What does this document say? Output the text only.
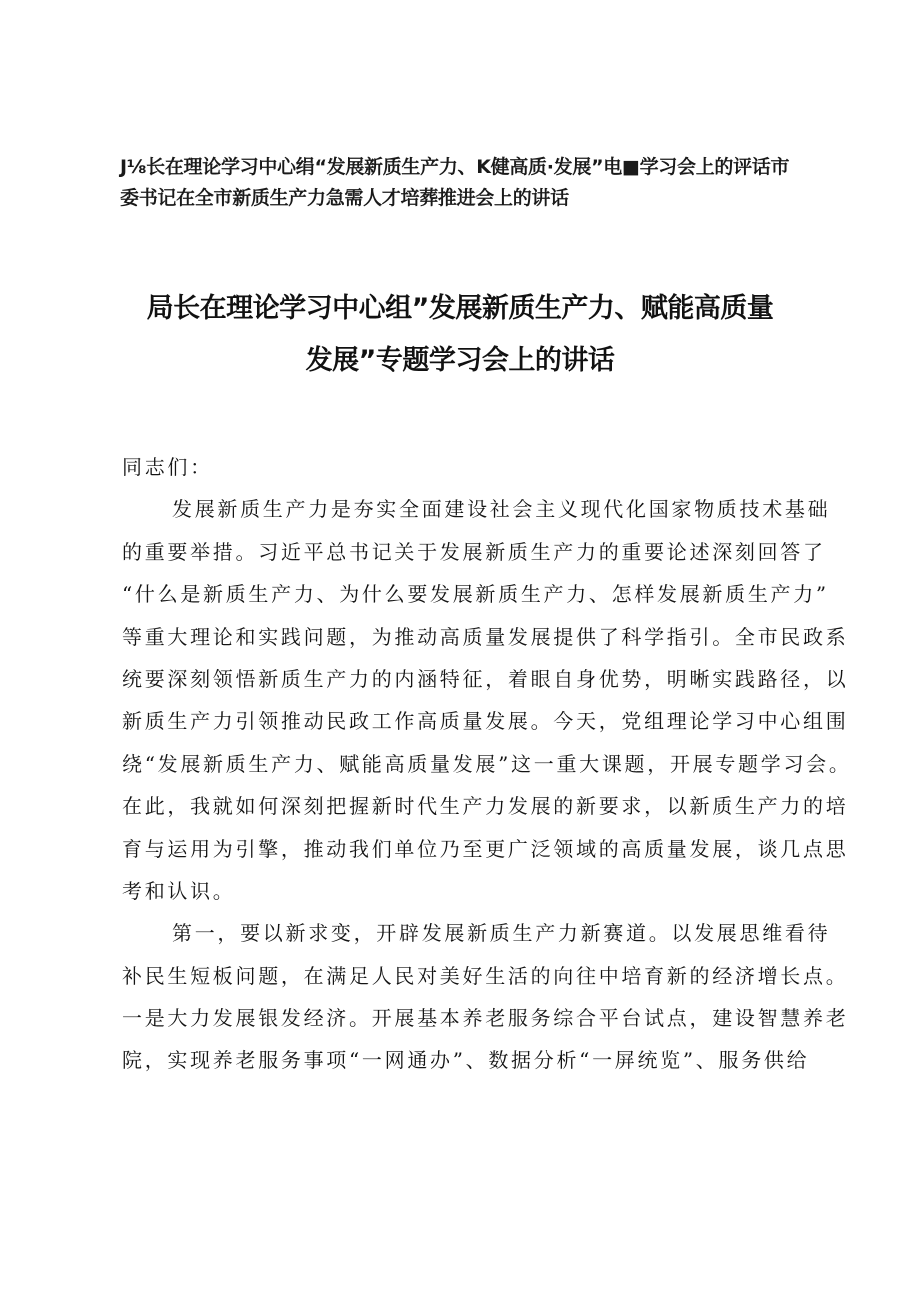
J⅛长在理论学习中心绢“发展新质生产力、K健高质·发展”电■学习会上的评话市
委书记在全市新质生产力急需人才培葬推进会上的讲话
局长在理论学习中心组”发展新质生产力、赋能高质量
发展”专题学习会上的讲话
同志们：
发展新质生产力是夯实全面建设社会主义现代化国家物质技术基础
的重要举措。习近平总书记关于发展新质生产力的重要论述深刻回答了
“什么是新质生产力、为什么要发展新质生产力、怎样发展新质生产力”
等重大理论和实践问题，为推动高质量发展提供了科学指引。全市民政系
统要深刻领悟新质生产力的内涵特征，着眼自身优势，明晰实践路径，以
新质生产力引领推动民政工作高质量发展。今天，党组理论学习中心组围
绕“发展新质生产力、赋能高质量发展”这一重大课题，开展专题学习会。
在此，我就如何深刻把握新时代生产力发展的新要求，以新质生产力的培
育与运用为引擎，推动我们单位乃至更广泛领域的高质量发展，谈几点思
考和认识。
第一，要以新求变，开辟发展新质生产力新赛道。以发展思维看待
补民生短板问题，在满足人民对美好生活的向往中培育新的经济增长点。
一是大力发展银发经济。开展基本养老服务综合平台试点，建设智慧养老
院，实现养老服务事项“一网通办”、数据分析“一屏统览”、服务供给
